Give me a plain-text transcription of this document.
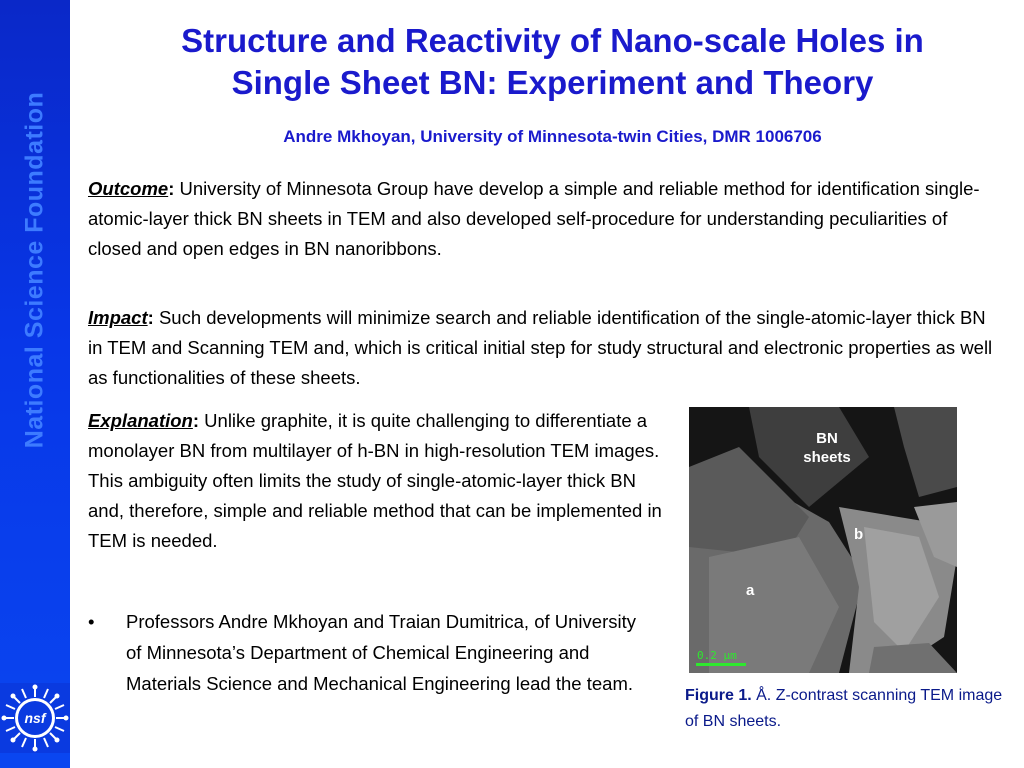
National Science Foundation
nsf
Structure and Reactivity of Nano-scale Holes in
Single Sheet BN: Experiment and Theory
Andre Mkhoyan, University of Minnesota-twin Cities, DMR 1006706
Outcome: University of Minnesota Group have develop a simple and reliable method for identification single-atomic-layer thick BN sheets in TEM and also developed self-procedure for understanding peculiarities of closed and open edges in BN nanoribbons.
Impact: Such developments will minimize search and reliable identification of the single-atomic-layer thick BN in TEM and Scanning TEM and, which is critical initial step for study structural and electronic properties as well as functionalities of these sheets.
Explanation: Unlike graphite, it is quite challenging to differentiate a monolayer BN from multilayer of h-BN in high-resolution TEM images. This ambiguity often limits the study of single-atomic-layer thick BN and, therefore, simple and reliable method that can be implemented in TEM is needed.
• Professors Andre Mkhoyan and Traian Dumitrica, of University of Minnesota’s Department of Chemical Engineering and Materials Science and Mechanical Engineering lead the team.
BN
sheets
b
a
0.2 µm
Figure 1. Å. Z-contrast scanning TEM image of BN sheets.
